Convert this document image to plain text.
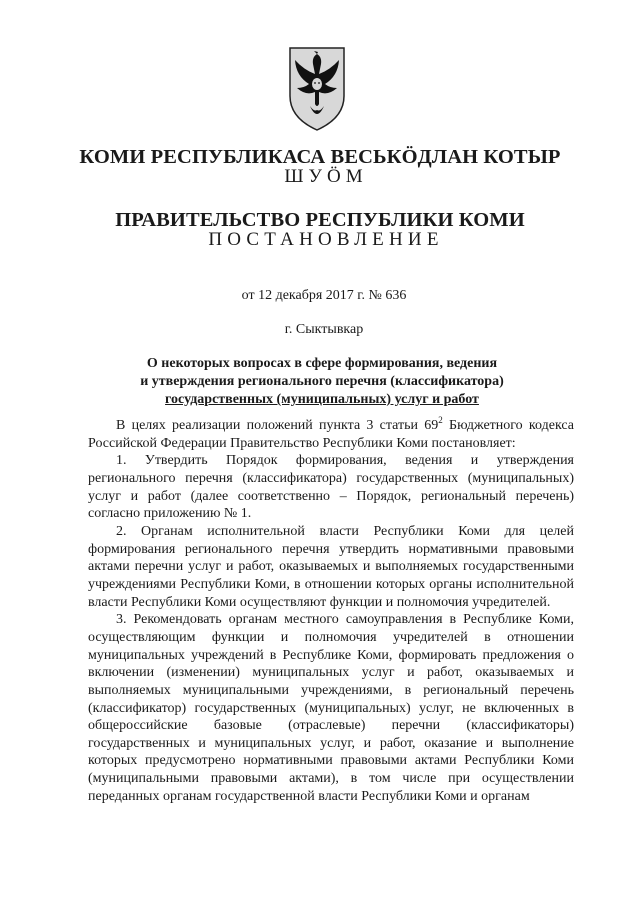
КОМИ РЕСПУБЛИКАСА ВЕСЬКӦДЛАН КОТЫР
ШУÖМ
ПРАВИТЕЛЬСТВО РЕСПУБЛИКИ КОМИ
ПОСТАНОВЛЕНИЕ
от 12 декабря 2017 г. № 636
г. Сыктывкар
О некоторых вопросах в сфере формирования, ведения
и утверждения регионального перечня (классификатора)
государственных (муниципальных) услуг и работ

В целях реализации положений пункта 3 статьи $69^2$ Бюджетного кодекса Российской Федерации Правительство Республики Коми постановляет:

1. Утвердить Порядок формирования, ведения и утверждения регионального перечня (классификатора) государственных (муниципальных) услуг и работ (далее соответственно – Порядок, региональный перечень) согласно приложению № 1.

2. Органам исполнительной власти Республики Коми для целей формирования регионального перечня утвердить нормативными правовыми актами перечни услуг и работ, оказываемых и выполняемых государственными учреждениями Республики Коми, в отношении которых органы исполнительной власти Республики Коми осуществляют функции и полномочия учредителей.

3. Рекомендовать органам местного самоуправления в Республике Коми, осуществляющим функции и полномочия учредителей в отношении муниципальных учреждений в Республике Коми, формировать предложения о включении (изменении) муниципальных услуг и работ, оказываемых и выполняемых муниципальными учреждениями, в региональный перечень (классификатор) государственных (муниципальных) услуг, не включенных в общероссийские базовые (отраслевые) перечни (классификаторы) государственных и муниципальных услуг, и работ, оказание и выполнение которых предусмотрено нормативными правовыми актами Республики Коми (муниципальными правовыми актами), в том числе при осуществлении переданных органам государственной власти Республики Коми и органам
